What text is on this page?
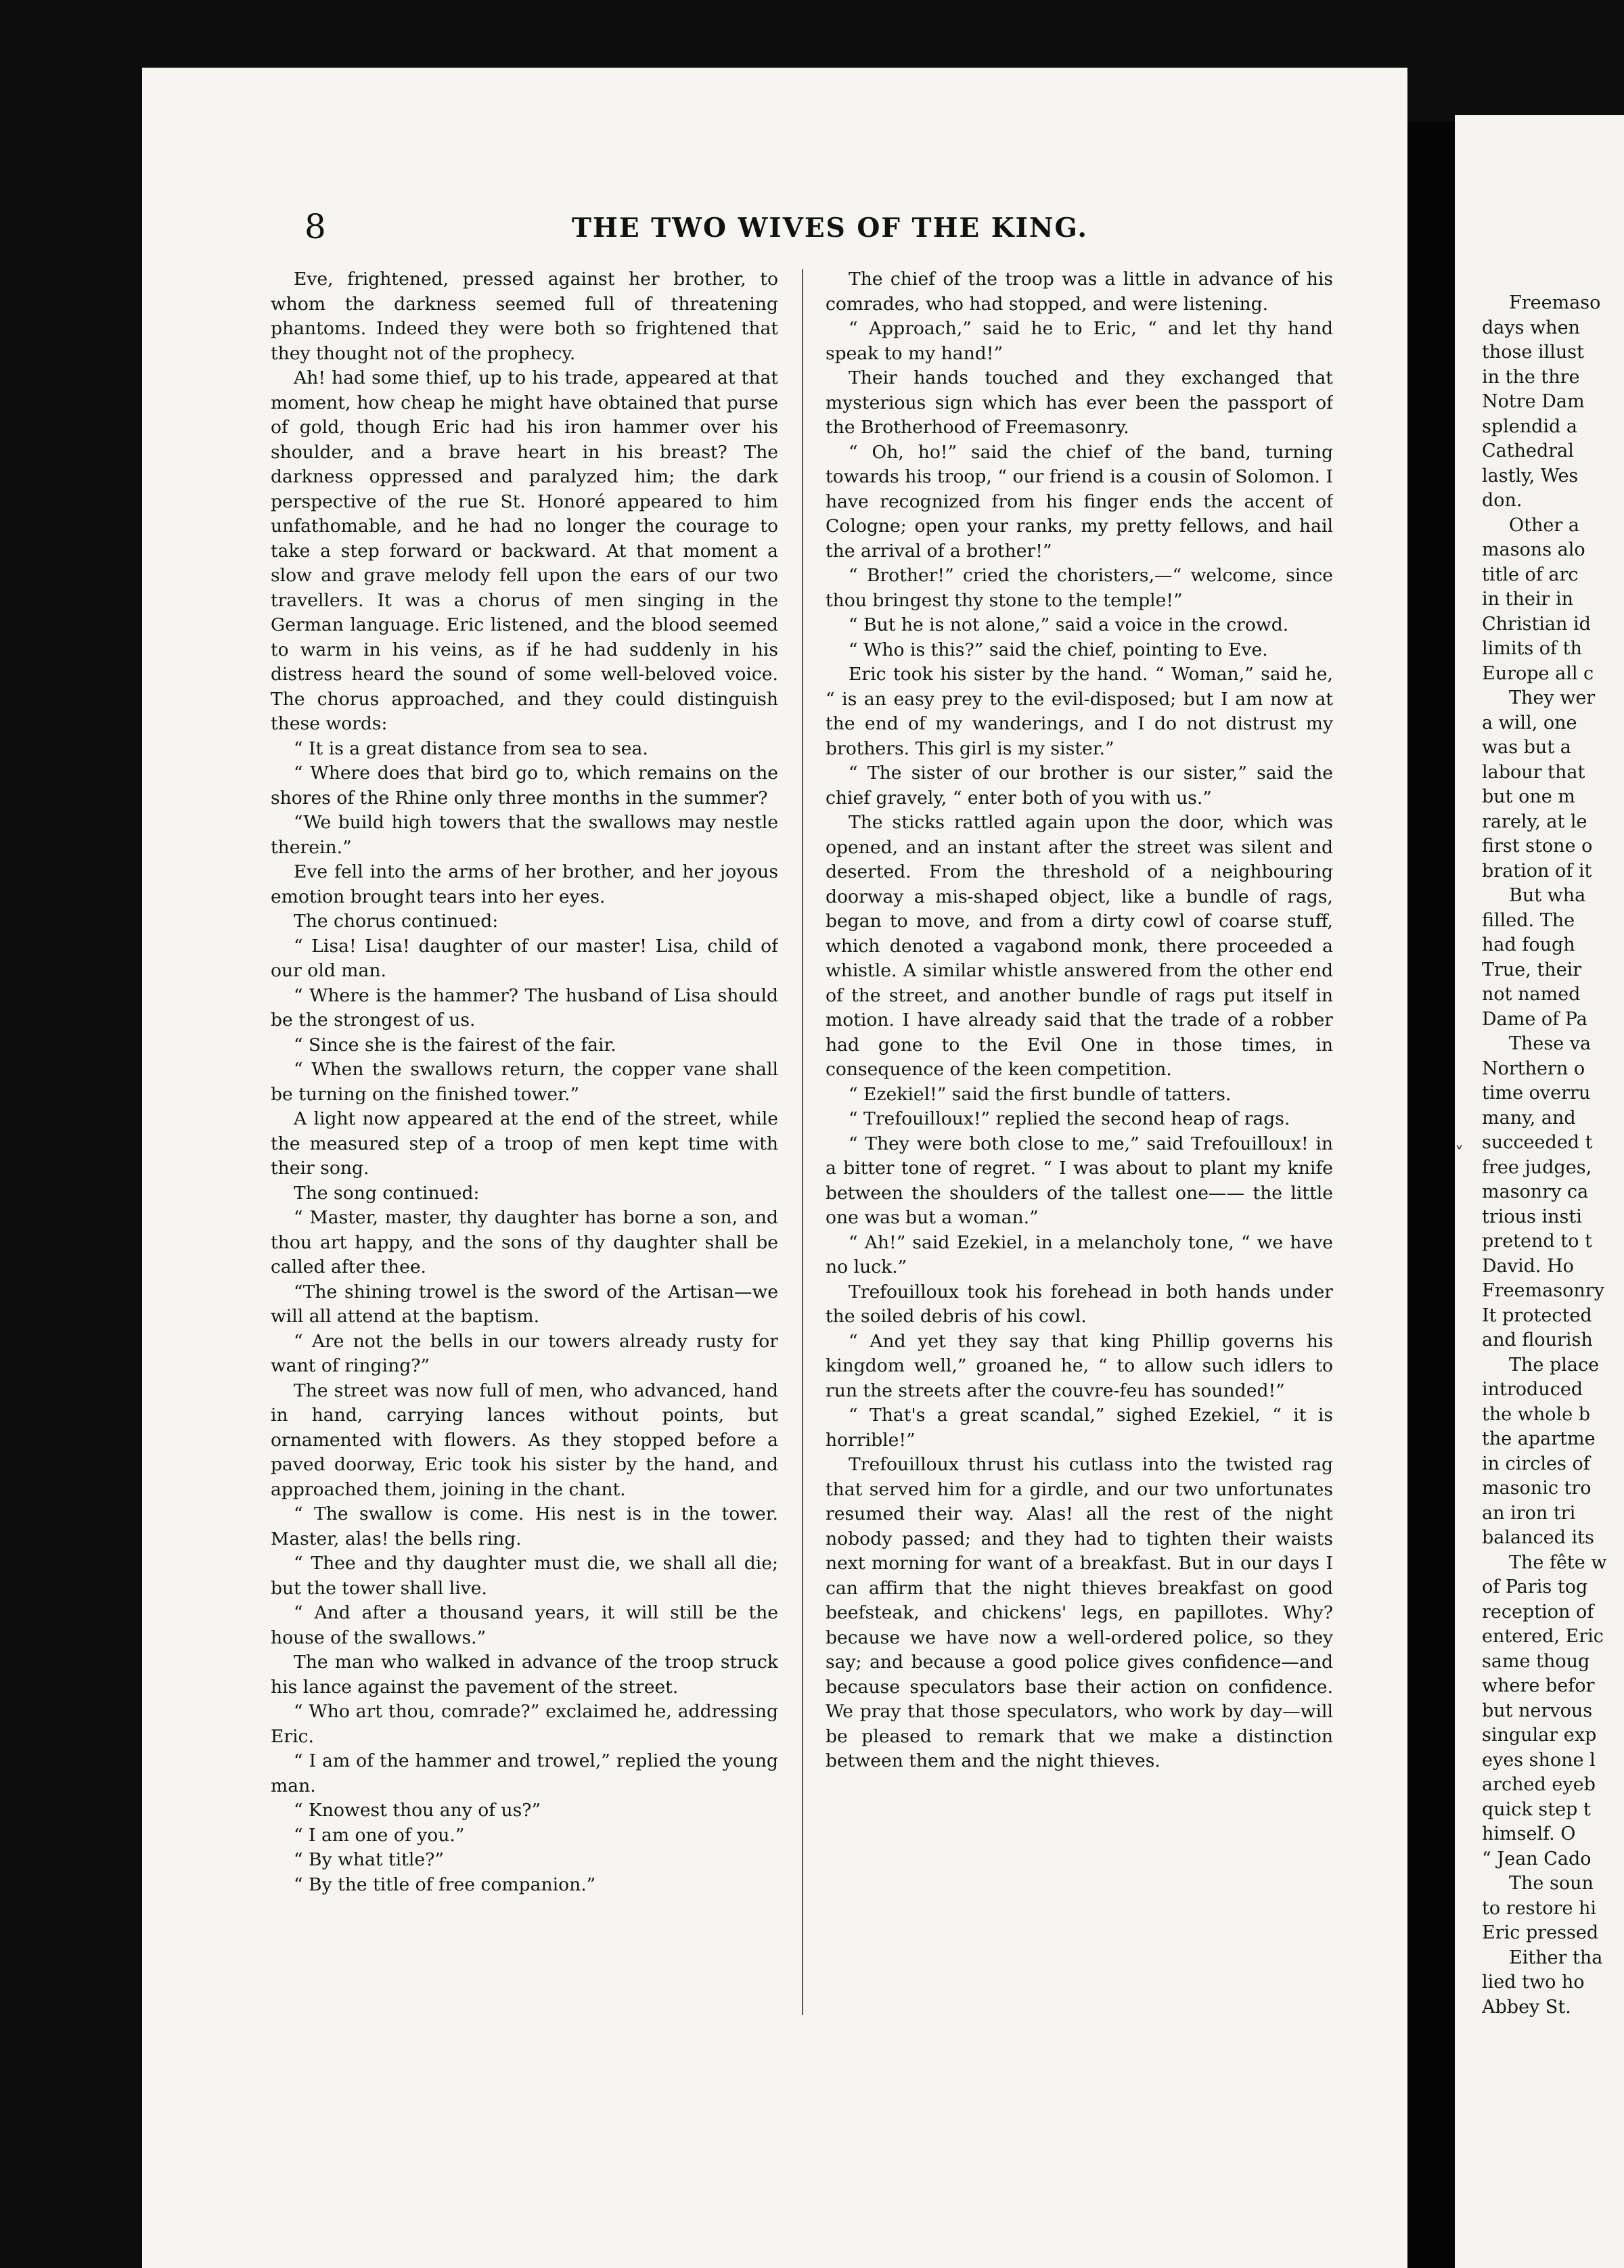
˅
8	THE TWO WIVES OF THE KING.

Eve, frightened, pressed against her brother, to whom the darkness seemed full of threatening phantoms. Indeed they were both so frightened that they thought not of the prophecy.

Ah! had some thief, up to his trade, appeared at that moment, how cheap he might have obtained that purse of gold, though Eric had his iron hammer over his shoulder, and a brave heart in his breast? The darkness oppressed and paralyzed him; the dark perspective of the rue St. Honoré appeared to him unfathomable, and he had no longer the courage to take a step forward or backward. At that moment a slow and grave melody fell upon the ears of our two travellers. It was a chorus of men singing in the German language. Eric listened, and the blood seemed to warm in his veins, as if he had suddenly in his distress heard the sound of some well-beloved voice. The chorus approached, and they could distinguish these words:

“ It is a great distance from sea to sea.

“ Where does that bird go to, which remains on the shores of the Rhine only three months in the summer?

“We build high towers that the swallows may nestle therein.”

Eve fell into the arms of her brother, and her joyous emotion brought tears into her eyes.

The chorus continued:

“ Lisa! Lisa! daughter of our master! Lisa, child of our old man.

“ Where is the hammer? The husband of Lisa should be the strongest of us.

“ Since she is the fairest of the fair.

“ When the swallows return, the copper vane shall be turning on the finished tower.”

A light now appeared at the end of the street, while the measured step of a troop of men kept time with their song.

The song continued:

“ Master, master, thy daughter has borne a son, and thou art happy, and the sons of thy daughter shall be called after thee.

“The shining trowel is the sword of the Artisan—we will all attend at the baptism.

“ Are not the bells in our towers already rusty for want of ringing?”

The street was now full of men, who advanced, hand in hand, carrying lances without points, but ornamented with flowers. As they stopped before a paved doorway, Eric took his sister by the hand, and approached them, joining in the chant.

“ The swallow is come. His nest is in the tower. Master, alas! the bells ring.

“ Thee and thy daughter must die, we shall all die; but the tower shall live.

“ And after a thousand years, it will still be the house of the swallows.”

The man who walked in advance of the troop struck his lance against the pavement of the street.

“ Who art thou, comrade?” exclaimed he, addressing Eric.

“ I am of the hammer and trowel,” replied the young man.

“ Knowest thou any of us?”

“ I am one of you.”

“ By what title?”

“ By the title of free companion.”

The chief of the troop was a little in advance of his comrades, who had stopped, and were listening.

“ Approach,” said he to Eric, “ and let thy hand speak to my hand!”

Their hands touched and they exchanged that mysterious sign which has ever been the passport of the Brotherhood of Freemasonry.

“ Oh, ho!” said the chief of the band, turning towards his troop, “ our friend is a cousin of Solomon. I have recognized from his finger ends the accent of Cologne; open your ranks, my pretty fellows, and hail the arrival of a brother!”

“ Brother!” cried the choristers,—“ welcome, since thou bringest thy stone to the temple!”

“ But he is not alone,” said a voice in the crowd.

“ Who is this?” said the chief, pointing to Eve.

Eric took his sister by the hand. “ Woman,” said he, “ is an easy prey to the evil-disposed; but I am now at the end of my wanderings, and I do not distrust my brothers. This girl is my sister.”

“ The sister of our brother is our sister,” said the chief gravely, “ enter both of you with us.”

The sticks rattled again upon the door, which was opened, and an instant after the street was silent and deserted. From the threshold of a neighbouring doorway a mis-shaped object, like a bundle of rags, began to move, and from a dirty cowl of coarse stuff, which denoted a vagabond monk, there proceeded a whistle. A similar whistle answered from the other end of the street, and another bundle of rags put itself in motion. I have already said that the trade of a robber had gone to the Evil One in those times, in consequence of the keen competition.

“ Ezekiel!” said the first bundle of tatters.

“ Trefouilloux!” replied the second heap of rags.

“ They were both close to me,” said Trefouilloux! in a bitter tone of regret. “ I was about to plant my knife between the shoulders of the tallest one—— the little one was but a woman.”

“ Ah!” said Ezekiel, in a melancholy tone, “ we have no luck.”

Trefouilloux took his forehead in both hands under the soiled debris of his cowl.

“ And yet they say that king Phillip governs his kingdom well,” groaned he, “ to allow such idlers to run the streets after the couvre-feu has sounded!”

“ That's a great scandal,” sighed Ezekiel, “ it is horrible!”

Trefouilloux thrust his cutlass into the twisted rag that served him for a girdle, and our two unfortunates resumed their way. Alas! all the rest of the night nobody passed; and they had to tighten their waists next morning for want of a breakfast. But in our days I can affirm that the night thieves breakfast on good beefsteak, and chickens' legs, en papillotes. Why? because we have now a well-ordered police, so they say; and because a good police gives confidence—and because speculators base their action on confidence. We pray that those speculators, who work by day—will be pleased to remark that we make a distinction between them and the night thieves.

Freemaso
days when
those illust
in the thre
Notre Dam
splendid a
Cathedral
lastly, Wes
don.
Other a
masons alo
title of arc
in their in
Christian id
limits of th
Europe all c
They wer
a will, one
was but a
labour that
but one m
rarely, at le
first stone o
bration of it
But wha
filled. The
had fough
True, their
not named
Dame of Pa
These va
Northern o
time overru
many, and
succeeded t
free judges,
masonry ca
trious insti
pretend to t
David. Ho
Freemasonry
It protected
and flourish
The place
introduced
the whole b
the apartme
in circles of
masonic tro
an iron tri
balanced its
The fête w
of Paris tog
reception of
entered, Eric
same thoug
where befor
but nervous
singular exp
eyes shone l
arched eyeb
quick step t
himself. O
“ Jean Cado
The soun
to restore hi
Eric pressed
Either tha
lied two ho
Abbey St.
